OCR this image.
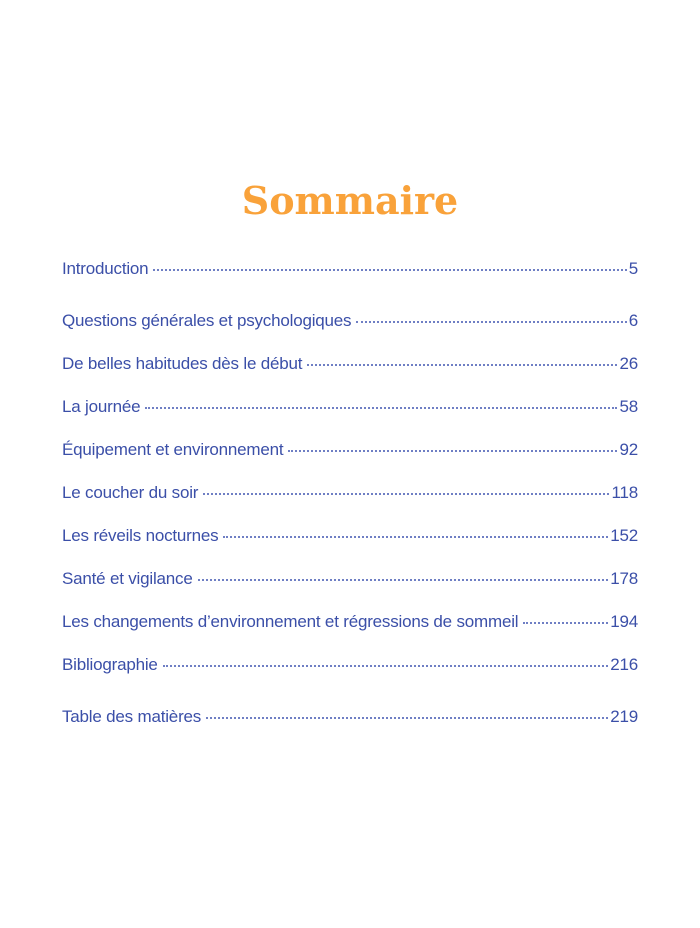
Sommaire
Introduction	5
Questions générales et psychologiques	6
De belles habitudes dès le début	26
La journée	58
Équipement et environnement	92
Le coucher du soir	118
Les réveils nocturnes	152
Santé et vigilance	178
Les changements d’environnement et régressions de sommeil	194
Bibliographie	216
Table des matières	219
